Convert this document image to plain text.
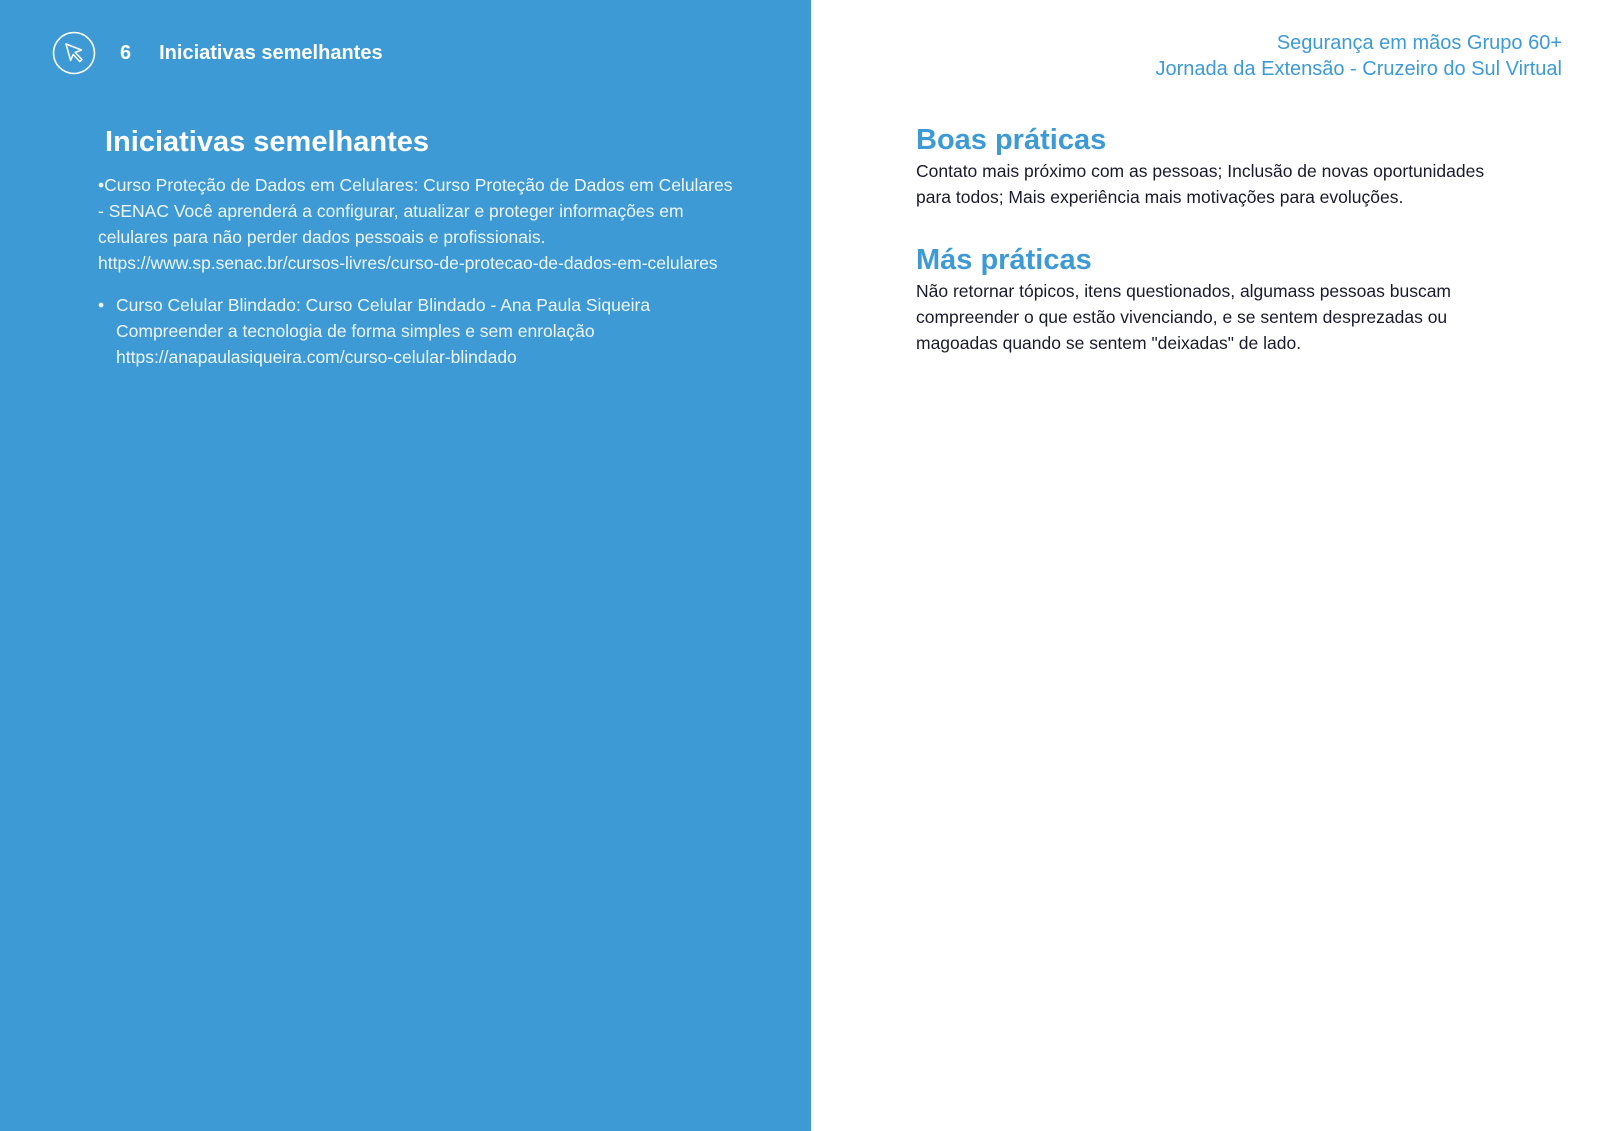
6 Iniciativas semelhantes
Iniciativas semelhantes

•Curso Proteção de Dados em Celulares: Curso Proteção de Dados em Celulares - SENAC Você aprenderá a configurar, atualizar e proteger informações em celulares para não perder dados pessoais e profissionais. https://www.sp.senac.br/cursos-livres/curso-de-protecao-de-dados-em-celulares

• Curso Celular Blindado: Curso Celular Blindado - Ana Paula Siqueira Compreender a tecnologia de forma simples e sem enrolação https://anapaulasiqueira.com/curso-celular-blindado
Segurança em mãos Grupo 60+
Jornada da Extensão - Cruzeiro do Sul Virtual
Boas práticas

Contato mais próximo com as pessoas; Inclusão de novas oportunidades para todos; Mais experiência mais motivações para evoluções.

Más práticas

Não retornar tópicos, itens questionados, algumass pessoas buscam compreender o que estão vivenciando, e se sentem desprezadas ou magoadas quando se sentem "deixadas" de lado.
